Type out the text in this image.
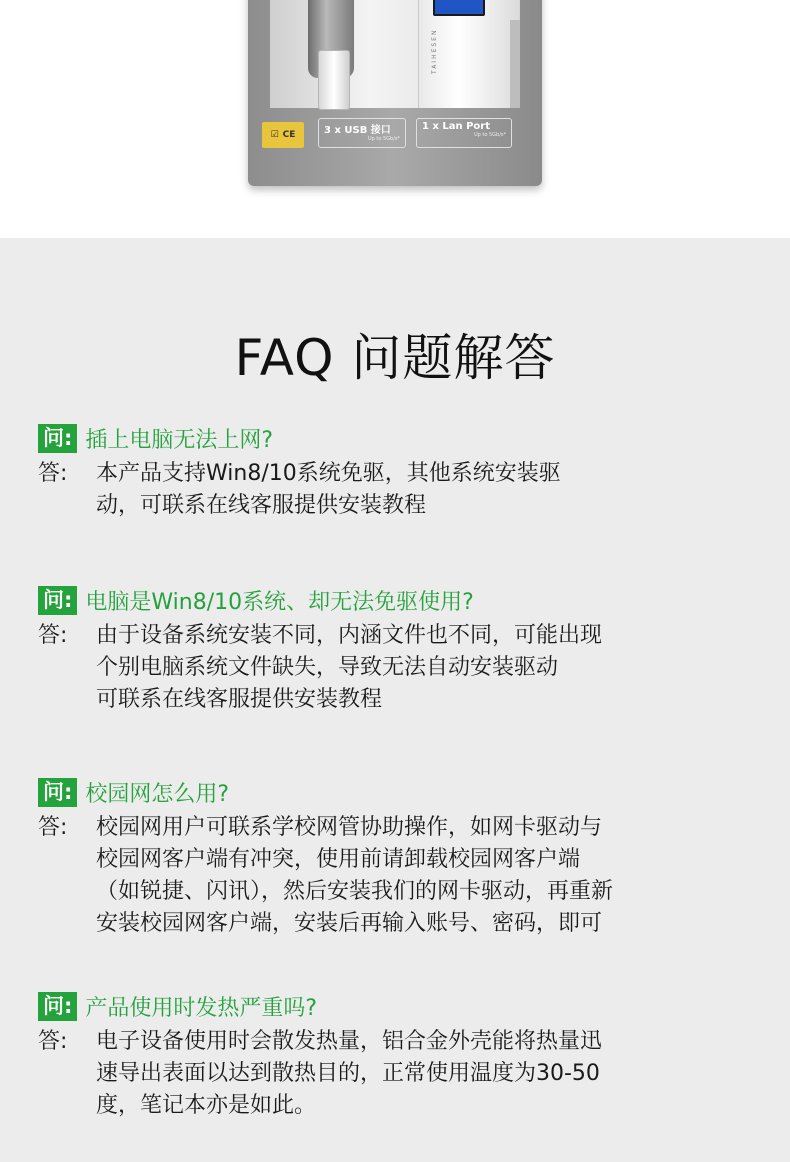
TAIHESEN
☑ CE	3 x USB 接口
Up to 5Gb/s*
1 x Lan Port
Up to 5Gb/s*
FAQ 问题解答
问: 插上电脑无法上网?
答:	本产品支持Win8/10系统免驱，其他系统安装驱
动，可联系在线客服提供安装教程
问: 电脑是Win8/10系统、却无法免驱使用?
答:	由于设备系统安装不同，内涵文件也不同，可能出现
个别电脑系统文件缺失，导致无法自动安装驱动
可联系在线客服提供安装教程
问: 校园网怎么用?
答:	校园网用户可联系学校网管协助操作，如网卡驱动与
校园网客户端有冲突，使用前请卸载校园网客户端
（如锐捷、闪讯），然后安装我们的网卡驱动，再重新
安装校园网客户端，安装后再输入账号、密码，即可
问: 产品使用时发热严重吗?
答:	电子设备使用时会散发热量，铝合金外壳能将热量迅
速导出表面以达到散热目的，正常使用温度为30-50
度，笔记本亦是如此。
